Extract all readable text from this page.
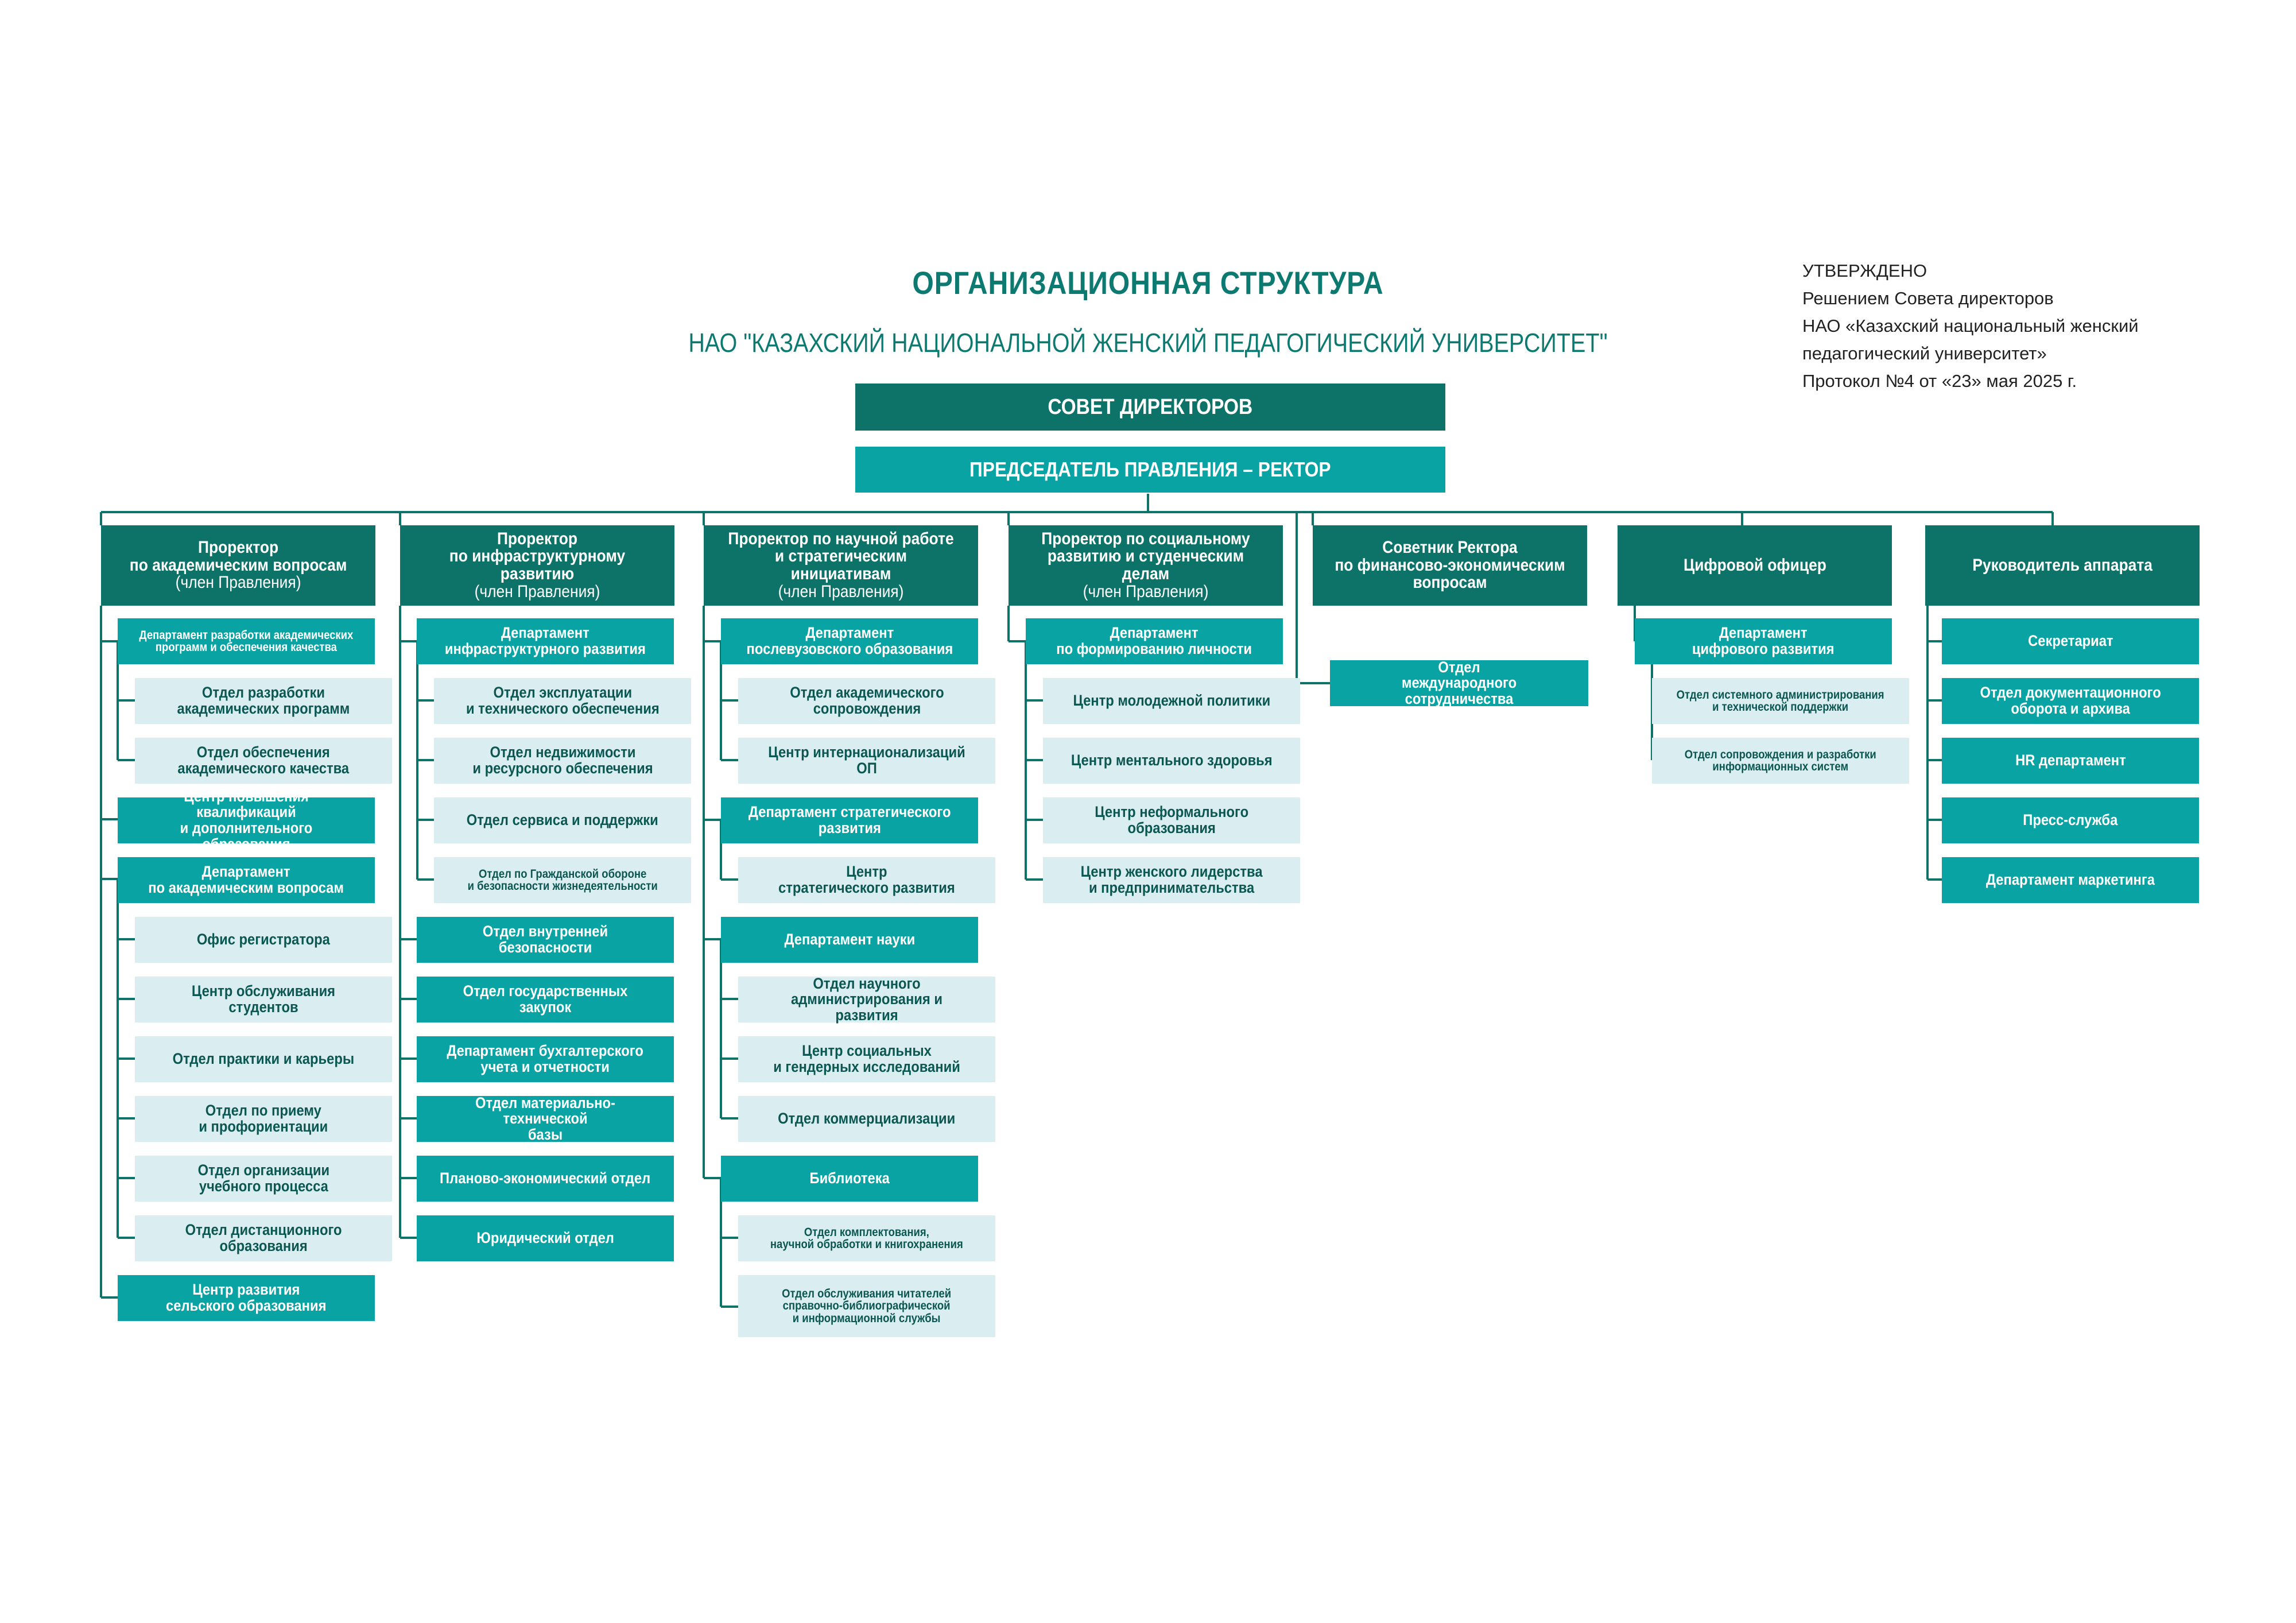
ОРГАНИЗАЦИОННАЯ СТРУКТУРА
НАО "КАЗАХСКИЙ НАЦИОНАЛЬНОЙ ЖЕНСКИЙ ПЕДАГОГИЧЕСКИЙ УНИВЕРСИТЕТ"
УТВЕРЖДЕНО
Решением Совета директоров
НАО «Казахский национальный женский
педагогический университет»
Протокол №4 от «23» мая 2025 г.
СОВЕТ ДИРЕКТОРОВ
ПРЕДСЕДАТЕЛЬ ПРАВЛЕНИЯ – РЕКТОР
Проректор
по академическим вопросам
(член Правления)
Департамент разработки академических
программ и обеспечения качества
Отдел разработки
академических программ
Отдел обеспечения
академического качества
Центр повышения квалификаций
и дополнительного образования
Департамент
по академическим вопросам
Офис регистратора
Центр обслуживания студентов
Отдел практики и карьеры
Отдел по приему
и профориентации
Отдел организации
учебного процесса
Отдел дистанционного
образования
Центр развития
сельского образования
Проректор
по инфраструктурному развитию
(член Правления)
Департамент
инфраструктурного развития
Отдел эксплуатации
и технического обеспечения
Отдел недвижимости
и ресурсного обеспечения
Отдел сервиса и поддержки
Отдел по Гражданской обороне
и безопасности жизнедеятельности
Отдел внутренней безопасности
Отдел государственных закупок
Департамент бухгалтерского
учета и отчетности
Отдел материально-технической
базы
Планово-экономический отдел
Юридический отдел
Проректор по научной работе
и стратегическим инициативам
(член Правления)
Департамент
послевузовского образования
Отдел академического
сопровождения
Центр интернационализаций ОП
Департамент стратегического
развития
Центр
стратегического развития
Департамент науки
Отдел научного
администрирования и развития
Центр социальных
и гендерных исследований
Отдел коммерциализации
Библиотека
Отдел комплектования,
научной обработки и книгохранения
Отдел обслуживания читателей
справочно-библиографической
и информационной службы
Проректор по социальному
развитию и студенческим делам
(член Правления)
Департамент
по формированию личности
Центр молодежной политики
Центр ментального здоровья
Центр неформального
образования
Центр женского лидерства
и предпринимательства
Советник Ректора
по финансово-экономическим
вопросам
Отдел
международного сотрудничества
Цифровой офицер
Департамент
цифрового развития
Отдел системного администрирования
и технической поддержки
Отдел сопровождения и разработки
информационных систем
Руководитель аппарата
Секретариат
Отдел документационного
оборота и архива
HR департамент
Пресс-служба
Департамент маркетинга
